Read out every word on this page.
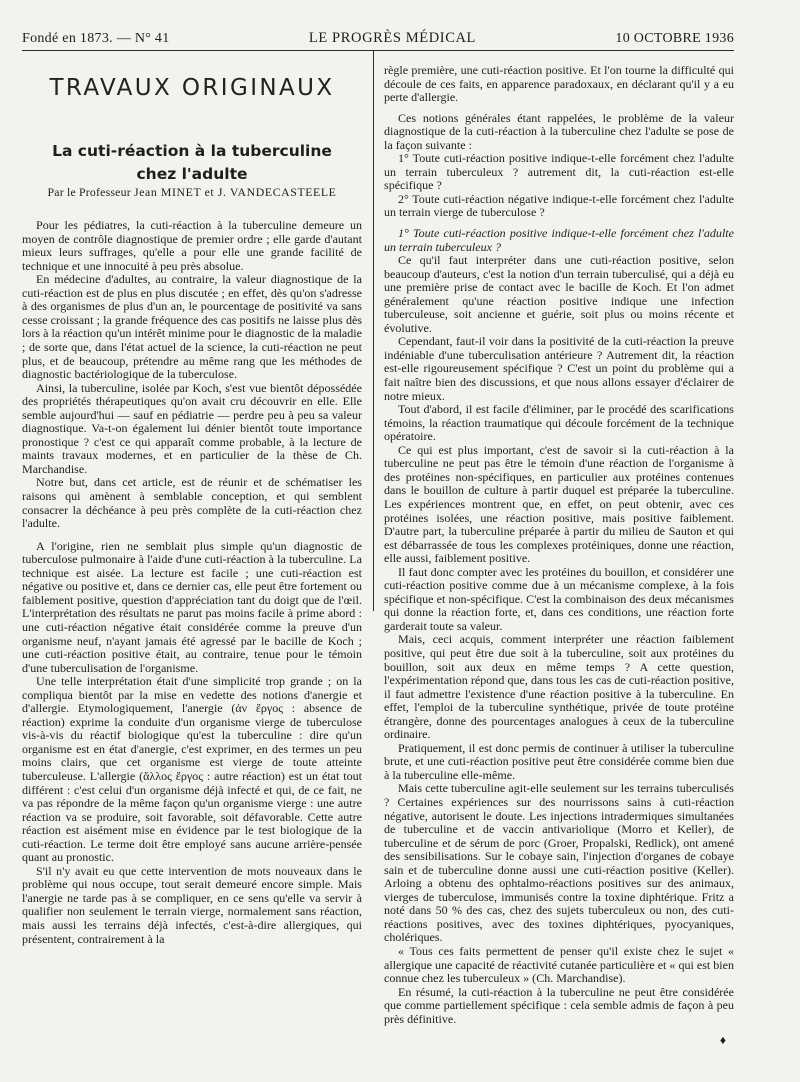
Fondé en 1873. — N° 41	LE PROGRÈS MÉDICAL	10 OCTOBRE 1936
TRAVAUX ORIGINAUX
La cuti-réaction à la tuberculine
chez l'adulte

Par le Professeur Jean MINET et J. VANDECASTEELE

Pour les pédiatres, la cuti-réaction à la tuberculine demeure un moyen de contrôle diagnostique de premier ordre ; elle garde d'autant mieux leurs suffrages, qu'elle a pour elle une grande facilité de technique et une innocuité à peu près absolue.

En médecine d'adultes, au contraire, la valeur diagnostique de la cuti-réaction est de plus en plus discutée ; en effet, dès qu'on s'adresse à des organismes de plus d'un an, le pourcentage de positivité va sans cesse croissant ; la grande fréquence des cas positifs ne laisse plus dès lors à la réaction qu'un intérêt minime pour le diagnostic de la maladie ; de sorte que, dans l'état actuel de la science, la cuti-réaction ne peut plus, et de beaucoup, prétendre au même rang que les méthodes de diagnostic bactériologique de la tuberculose.

Ainsi, la tuberculine, isolée par Koch, s'est vue bientôt dépossédée des propriétés thérapeutiques qu'on avait cru découvrir en elle. Elle semble aujourd'hui — sauf en pédiatrie — perdre peu à peu sa valeur diagnostique. Va-t-on également lui dénier bientôt toute importance pronostique ? c'est ce qui apparaît comme probable, à la lecture de maints travaux modernes, et en particulier de la thèse de Ch. Marchandise.

Notre but, dans cet article, est de réunir et de schématiser les raisons qui amènent à semblable conception, et qui semblent consacrer la déchéance à peu près complète de la cuti-réaction chez l'adulte.

A l'origine, rien ne semblait plus simple qu'un diagnostic de tuberculose pulmonaire à l'aide d'une cuti-réaction à la tuberculine. La technique est aisée. La lecture est facile ; une cuti-réaction est négative ou positive et, dans ce dernier cas, elle peut être fortement ou faiblement positive, question d'appréciation tant du doigt que de l'œil. L'interprétation des résultats ne parut pas moins facile à prime abord : une cuti-réaction négative était considérée comme la preuve d'un organisme neuf, n'ayant jamais été agressé par le bacille de Koch ; une cuti-réaction positive était, au contraire, tenue pour le témoin d'une tuberculisation de l'organisme.

Une telle interprétation était d'une simplicité trop grande ; on la compliqua bientôt par la mise en vedette des notions d'anergie et d'allergie. Etymologiquement, l'anergie (ἀν ἔργος : absence de réaction) exprime la conduite d'un organisme vierge de tuberculose vis-à-vis du réactif biologique qu'est la tuberculine : dire qu'un organisme est en état d'anergie, c'est exprimer, en des termes un peu moins clairs, que cet organisme est vierge de toute atteinte tuberculeuse. L'allergie (ἄλλος ἔργος : autre réaction) est un état tout différent : c'est celui d'un organisme déjà infecté et qui, de ce fait, ne va pas répondre de la même façon qu'un organisme vierge : une autre réaction va se produire, soit favorable, soit défavorable. Cette autre réaction est aisément mise en évidence par le test biologique de la cuti-réaction. Le terme doit être employé sans aucune arrière-pensée quant au pronostic.

S'il n'y avait eu que cette intervention de mots nouveaux dans le problème qui nous occupe, tout serait demeuré encore simple. Mais l'anergie ne tarde pas à se compliquer, en ce sens qu'elle va servir à qualifier non seulement le terrain vierge, normalement sans réaction, mais aussi les terrains déjà infectés, c'est-à-dire allergiques, qui présentent, contrairement à la

règle première, une cuti-réaction positive. Et l'on tourne la difficulté qui découle de ces faits, en apparence paradoxaux, en déclarant qu'il y a eu perte d'allergie.

Ces notions générales étant rappelées, le problème de la valeur diagnostique de la cuti-réaction à la tuberculine chez l'adulte se pose de la façon suivante :

1° Toute cuti-réaction positive indique-t-elle forcément chez l'adulte un terrain tuberculeux ? autrement dit, la cuti-réaction est-elle spécifique ?

2° Toute cuti-réaction négative indique-t-elle forcément chez l'adulte un terrain vierge de tuberculose ?

1° Toute cuti-réaction positive indique-t-elle forcément chez l'adulte un terrain tuberculeux ?

Ce qu'il faut interpréter dans une cuti-réaction positive, selon beaucoup d'auteurs, c'est la notion d'un terrain tuberculisé, qui a déjà eu une première prise de contact avec le bacille de Koch. Et l'on admet généralement qu'une réaction positive indique une infection tuberculeuse, soit ancienne et guérie, soit plus ou moins récente et évolutive.

Cependant, faut-il voir dans la positivité de la cuti-réaction la preuve indéniable d'une tuberculisation antérieure ? Autrement dit, la réaction est-elle rigoureusement spécifique ? C'est un point du problème qui a fait naître bien des discussions, et que nous allons essayer d'éclairer de notre mieux.

Tout d'abord, il est facile d'éliminer, par le procédé des scarifications témoins, la réaction traumatique qui découle forcément de la technique opératoire.

Ce qui est plus important, c'est de savoir si la cuti-réaction à la tuberculine ne peut pas être le témoin d'une réaction de l'organisme à des protéines non-spécifiques, en particulier aux protéines contenues dans le bouillon de culture à partir duquel est préparée la tuberculine. Les expériences montrent que, en effet, on peut obtenir, avec ces protéines isolées, une réaction positive, mais positive faiblement. D'autre part, la tuberculine préparée à partir du milieu de Sauton et qui est débarrassée de tous les complexes protéiniques, donne une réaction, elle aussi, faiblement positive.

Il faut donc compter avec les protéines du bouillon, et considérer une cuti-réaction positive comme due à un mécanisme complexe, à la fois spécifique et non-spécifique. C'est la combinaison des deux mécanismes qui donne la réaction forte, et, dans ces conditions, une réaction forte garderait toute sa valeur.

Mais, ceci acquis, comment interpréter une réaction faiblement positive, qui peut être due soit à la tuberculine, soit aux protéines du bouillon, soit aux deux en même temps ? A cette question, l'expérimentation répond que, dans tous les cas de cuti-réaction positive, il faut admettre l'existence d'une réaction positive à la tuberculine. En effet, l'emploi de la tuberculine synthétique, privée de toute protéine étrangère, donne des pourcentages analogues à ceux de la tuberculine ordinaire.

Pratiquement, il est donc permis de continuer à utiliser la tuberculine brute, et une cuti-réaction positive peut être considérée comme bien due à la tuberculine elle-même.

Mais cette tuberculine agit-elle seulement sur les terrains tuberculisés ? Certaines expériences sur des nourrissons sains à cuti-réaction négative, autorisent le doute. Les injections intradermiques simultanées de tuberculine et de vaccin antivariolique (Morro et Keller), de tuberculine et de sérum de porc (Groer, Propalski, Redlick), ont amené des sensibilisations. Sur le cobaye sain, l'injection d'organes de cobaye sain et de tuberculine donne aussi une cuti-réaction positive (Keller). Arloing a obtenu des ophtalmo-réactions positives sur des animaux, vierges de tuberculose, immunisés contre la toxine diphtérique. Fritz a noté dans 50 % des cas, chez des sujets tuberculeux ou non, des cuti-réactions positives, avec des toxines diphtériques, pyocyaniques, cholériques.

« Tous ces faits permettent de penser qu'il existe chez le sujet « allergique une capacité de réactivité cutanée particulière et « qui est bien connue chez les tuberculeux » (Ch. Marchandise).

En résumé, la cuti-réaction à la tuberculine ne peut être considérée que comme partiellement spécifique : cela semble admis de façon à peu près définitive.

♦
